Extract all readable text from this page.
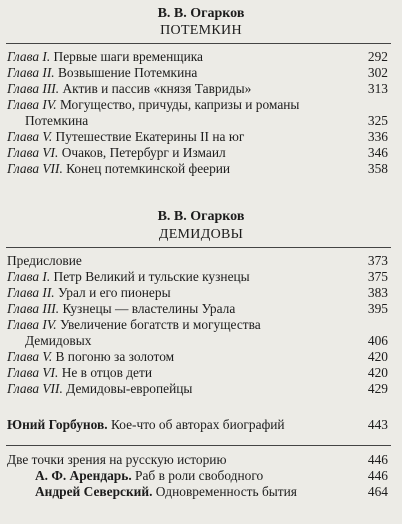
В. В. Огарков
ПОТЕМКИН
Глава I. Первые шаги временщика	292
Глава II. Возвышение Потемкина	302
Глава III. Актив и пассив «князя Тавриды»	313
Глава IV. Могущество, причуды, капризы и романы
Потемкина	325
Глава V. Путешествие Екатерины II на юг	336
Глава VI. Очаков, Петербург и Измаил	346
Глава VII. Конец потемкинской феерии	358
В. В. Огарков
ДЕМИДОВЫ
Предисловие	373
Глава I. Петр Великий и тульские кузнецы	375
Глава II. Урал и его пионеры	383
Глава III. Кузнецы — властелины Урала	395
Глава IV. Увеличение богатств и могущества
Демидовых	406
Глава V. В погоню за золотом	420
Глава VI. Не в отцов дети	420
Глава VII. Демидовы-европейцы	429
Юний Горбунов. Кое-что об авторах биографий	443
Две точки зрения на русскую историю	446
А. Ф. Арендарь. Раб в роли свободного	446
Андрей Северский. Одновременность бытия	464
